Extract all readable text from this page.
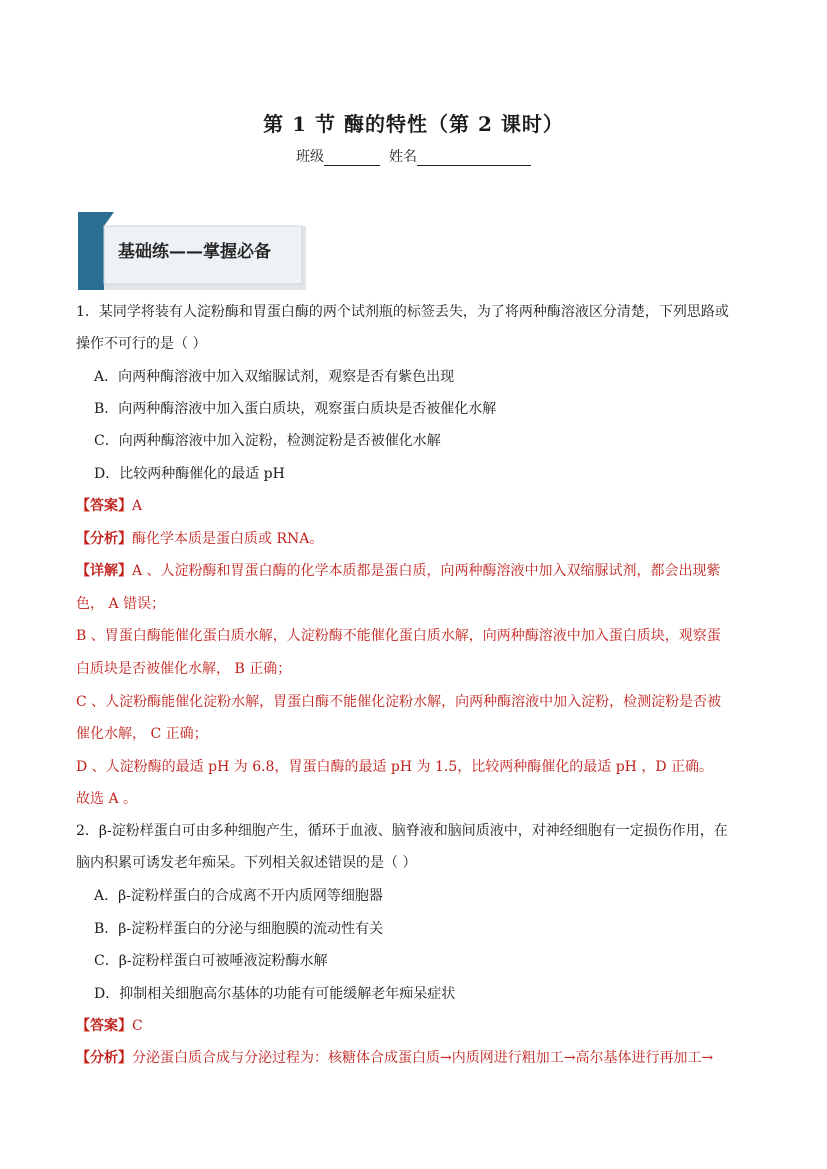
第 1 节 酶的特性（第 2 课时）
班级	姓名
基础练——掌握必备
1．某同学将装有人淀粉酶和胃蛋白酶的两个试剂瓶的标签丢失，为了将两种酶溶液区分清楚，下列思路或
操作不可行的是（ ）
A．向两种酶溶液中加入双缩脲试剂，观察是否有紫色出现
B．向两种酶溶液中加入蛋白质块，观察蛋白质块是否被催化水解
C．向两种酶溶液中加入淀粉，检测淀粉是否被催化水解
D．比较两种酶催化的最适 pH
【答案】A
【分析】酶化学本质是蛋白质或 RNA。
【详解】A 、人淀粉酶和胃蛋白酶的化学本质都是蛋白质，向两种酶溶液中加入双缩脲试剂，都会出现紫
色， A 错误；
B 、胃蛋白酶能催化蛋白质水解，人淀粉酶不能催化蛋白质水解，向两种酶溶液中加入蛋白质块，观察蛋
白质块是否被催化水解， B 正确；
C 、人淀粉酶能催化淀粉水解，胃蛋白酶不能催化淀粉水解，向两种酶溶液中加入淀粉，检测淀粉是否被
催化水解， C 正确；
D 、人淀粉酶的最适 pH 为 6.8，胃蛋白酶的最适 pH 为 1.5，比较两种酶催化的最适 pH ，D 正确。
故选 A 。
2．β-淀粉样蛋白可由多种细胞产生，循环于血液、脑脊液和脑间质液中，对神经细胞有一定损伤作用，在
脑内积累可诱发老年痴呆。下列相关叙述错误的是（ ）
A．β-淀粉样蛋白的合成离不开内质网等细胞器
B．β-淀粉样蛋白的分泌与细胞膜的流动性有关
C．β-淀粉样蛋白可被唾液淀粉酶水解
D．抑制相关细胞高尔基体的功能有可能缓解老年痴呆症状
【答案】C
【分析】分泌蛋白质合成与分泌过程为：核糖体合成蛋白质→内质网进行粗加工→高尔基体进行再加工→
